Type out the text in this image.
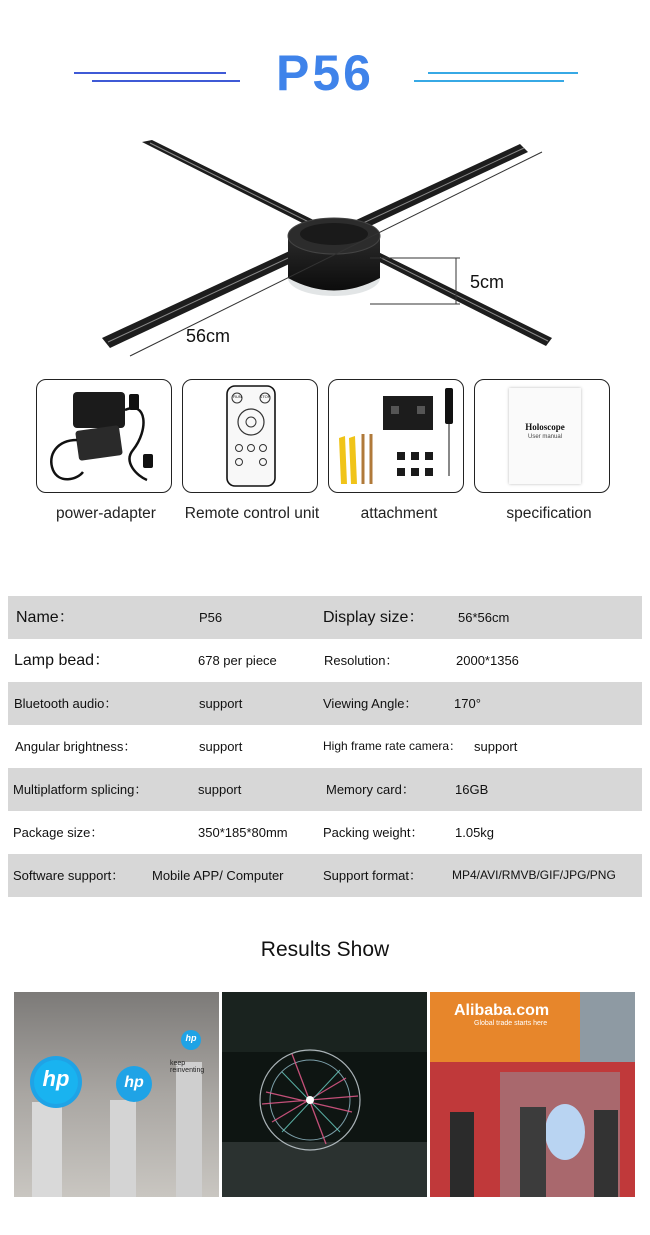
P56
5cm
56cm
RUN	STOP
Holoscope
User manual
power-adapter	Remote control unit	attachment	specification
Name：	P56	Display size：	56*56cm
Lamp bead：	678 per piece	Resolution：	2000*1356
Bluetooth audio：	support	Viewing Angle：	170°
Angular brightness：	support	High frame rate camera： support
Multiplatform splicing：	support	Memory card：	16GB
Package size：	350*185*80mm	Packing weight： 1.05kg
Software support： Mobile APP/ Computer	Support format：	MP4/AVI/RMVB/GIF/JPG/PNG
Results Show
hp	hp
hp
keep reinventing
Alibaba.com
Global trade starts here
